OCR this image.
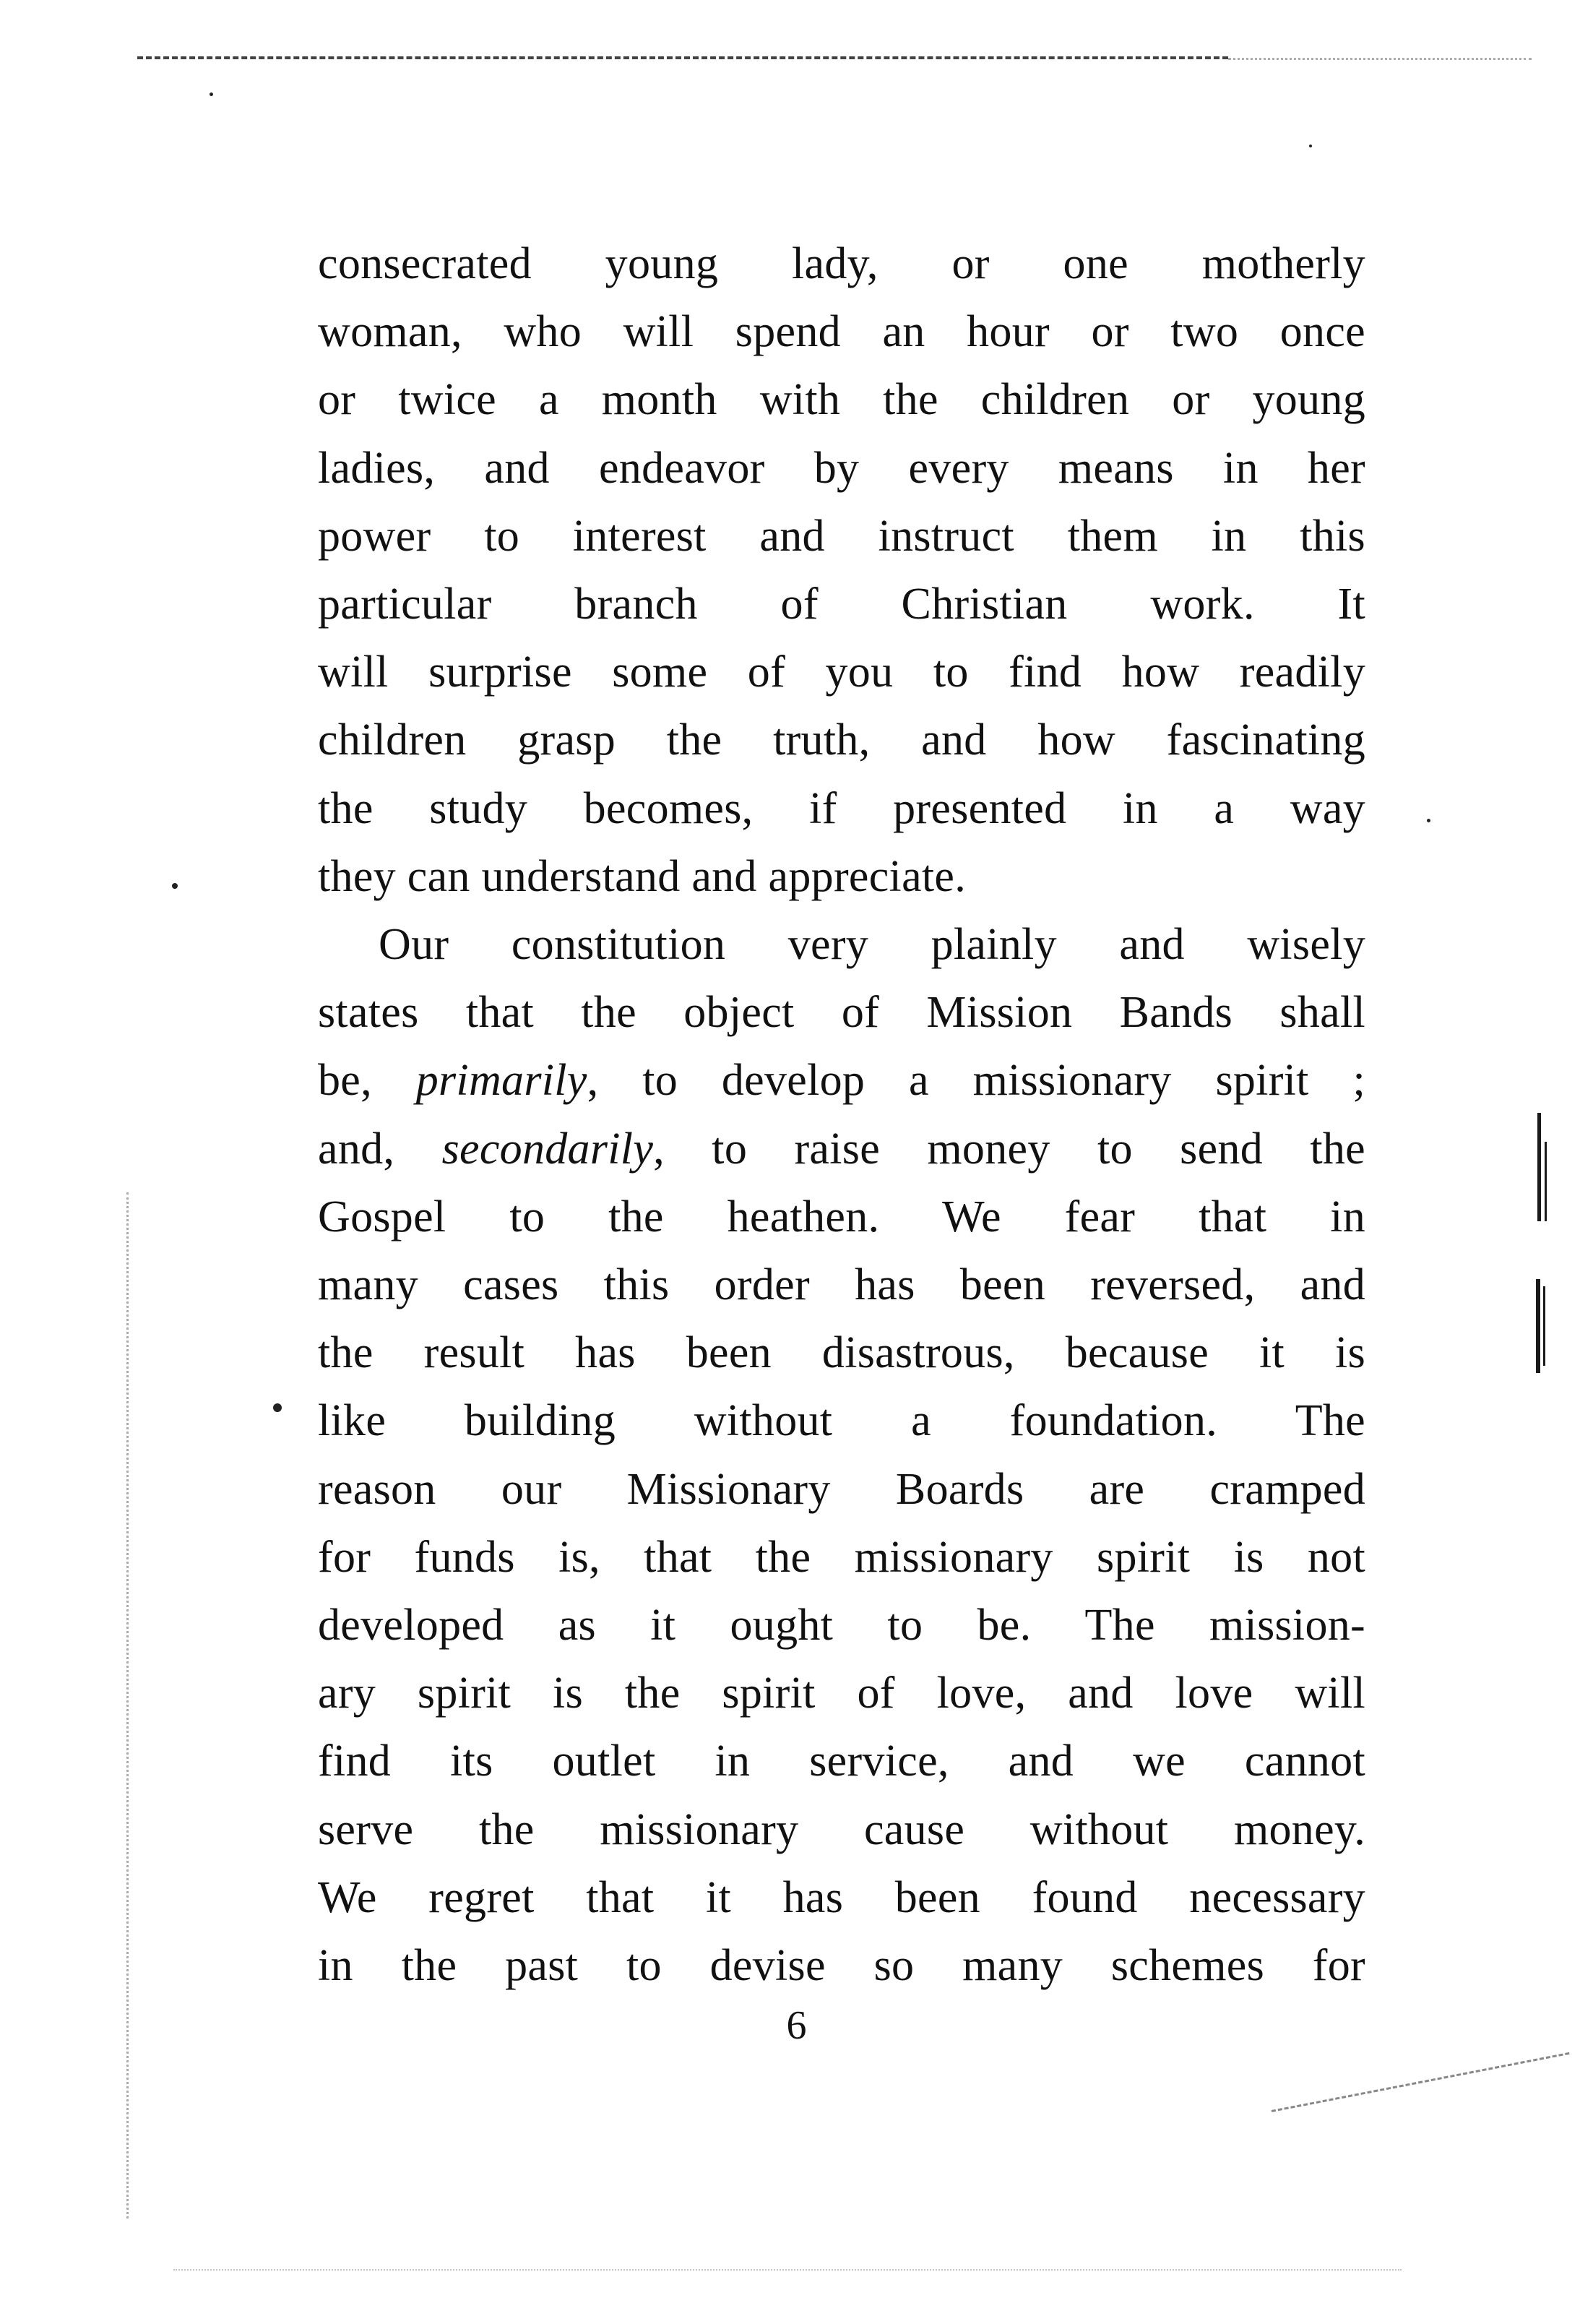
consecrated young lady, or one motherly
woman, who will spend an hour or two once
or twice a month with the children or young
ladies, and endeavor by every means in her
power to interest and instruct them in this
particular branch of Christian work. It
will surprise some of you to find how readily
children grasp the truth, and how fascinating
the study becomes, if presented in a way
they can understand and appreciate.
Our constitution very plainly and wisely
states that the object of Mission Bands shall
be, primarily, to develop a missionary spirit ;
and, secondarily, to raise money to send the
Gospel to the heathen. We fear that in
many cases this order has been reversed, and
the result has been disastrous, because it is
like building without a foundation. The
reason our Missionary Boards are cramped
for funds is, that the missionary spirit is not
developed as it ought to be. The mission-
ary spirit is the spirit of love, and love will
find its outlet in service, and we cannot
serve the missionary cause without money.
We regret that it has been found necessary
in the past to devise so many schemes for
6
